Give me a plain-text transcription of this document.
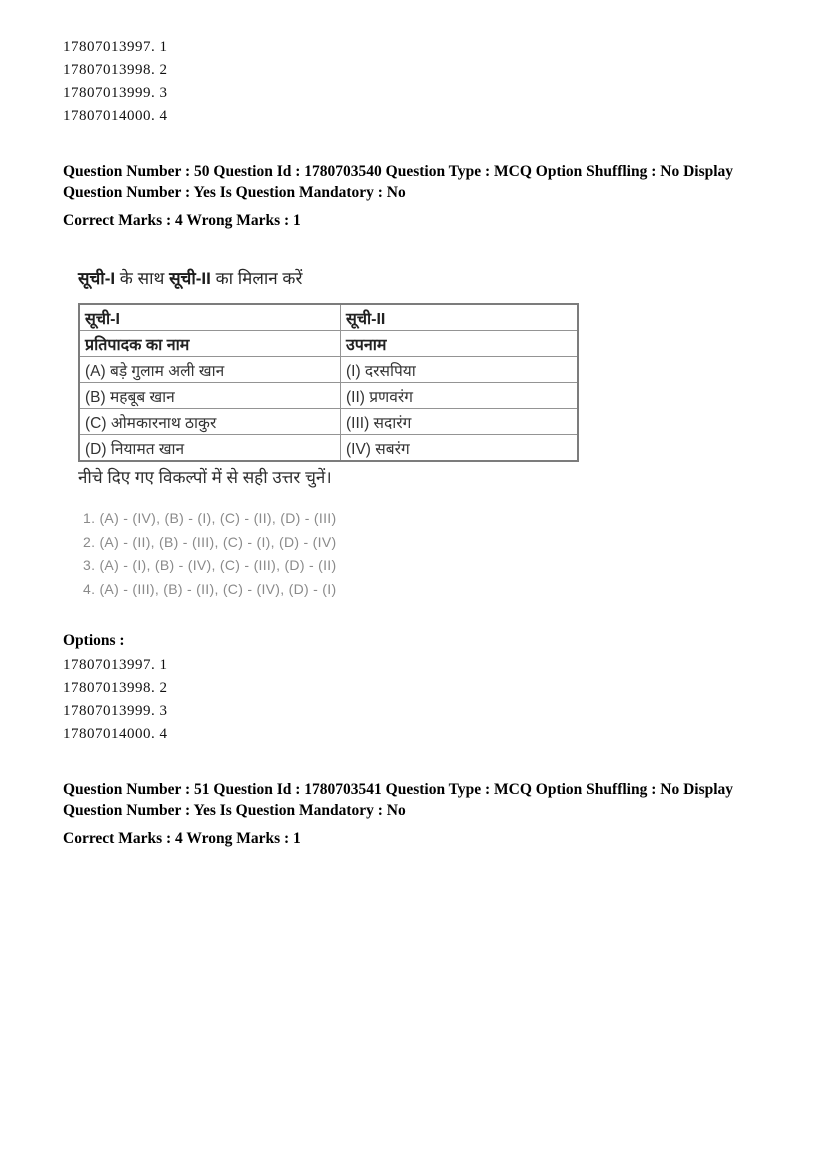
17807013997. 1
17807013998. 2
17807013999. 3
17807014000. 4

Question Number : 50 Question Id : 1780703540 Question Type : MCQ Option Shuffling : No Display

Question Number : Yes Is Question Mandatory : No

Correct Marks : 4 Wrong Marks : 1

सूची-I के साथ सूची-II का मिलान करें
सूची-I	सूची-II
प्रतिपादक का नाम	उपनाम
(A) बड़े गुलाम अली खान	(I) दरसपिया
(B) महबूब खान	(II) प्रणवरंग
(C) ओमकारनाथ ठाकुर	(III) सदारंग
(D) नियामत खान	(IV) सबरंग
नीचे दिए गए विकल्पों में से सही उत्तर चुनें।
1. (A) - (IV), (B) - (I), (C) - (II), (D) - (III)
2. (A) - (II), (B) - (III), (C) - (I), (D) - (IV)
3. (A) - (I), (B) - (IV), (C) - (III), (D) - (II)
4. (A) - (III), (B) - (II), (C) - (IV), (D) - (I)

Options :

17807013997. 1
17807013998. 2
17807013999. 3
17807014000. 4

Question Number : 51 Question Id : 1780703541 Question Type : MCQ Option Shuffling : No Display

Question Number : Yes Is Question Mandatory : No

Correct Marks : 4 Wrong Marks : 1
